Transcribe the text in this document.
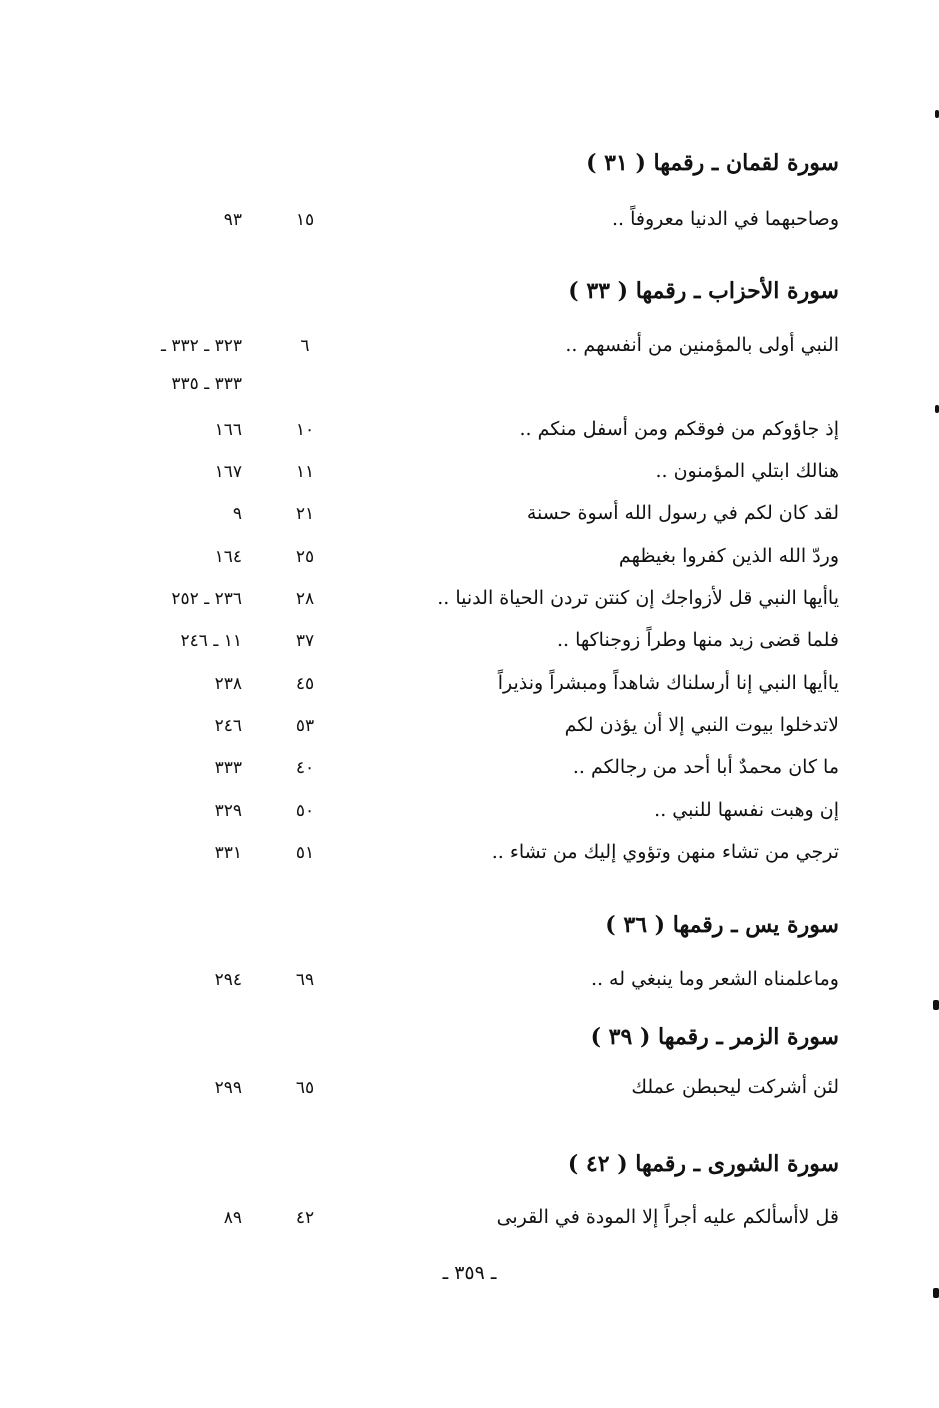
سورة لقمان ـ رقمها ( ٣١ )
وصاحبهما في الدنيا معروفاً ..
١٥
٩٣
سورة الأحزاب ـ رقمها ( ٣٣ )
النبي أولى بالمؤمنين من أنفسهم ..
٦
٣٢٣ ـ ٣٣٢ ـ
٣٣٣ ـ ٣٣٥
إذ جاؤوكم من فوقكم ومن أسفل منكم ..
١٠
١٦٦
هنالك ابتلي المؤمنون ..
١١
١٦٧
لقد كان لكم في رسول الله أسوة حسنة
٢١
٩
وردّ الله الذين كفروا بغيظهم
٢٥
١٦٤
ياأيها النبي قل لأزواجك إن كنتن تردن الحياة الدنيا ..
٢٨
٢٣٦ ـ ٢٥٢
فلما قضى زيد منها وطراً زوجناكها ..
٣٧
١١ ـ ٢٤٦
ياأيها النبي إنا أرسلناك شاهداً ومبشراً ونذيراً
٤٥
٢٣٨
لاتدخلوا بيوت النبي إلا أن يؤذن لكم
٥٣
٢٤٦
ما كان محمدٌ أبا أحد من رجالكم ..
٤٠
٣٣٣
إن وهبت نفسها للنبي ..
٥٠
٣٢٩
ترجي من تشاء منهن وتؤوي إليك من تشاء ..
٥١
٣٣١
سورة يس ـ رقمها ( ٣٦ )
وماعلمناه الشعر وما ينبغي له ..
٦٩
٢٩٤
سورة الزمر ـ رقمها ( ٣٩ )
لئن أشركت ليحبطن عملك
٦٥
٢٩٩
سورة الشورى ـ رقمها ( ٤٢ )
قل لاأسألكم عليه أجراً إلا المودة في القربى
٤٢
٨٩
ـ ٣٥٩ ـ
